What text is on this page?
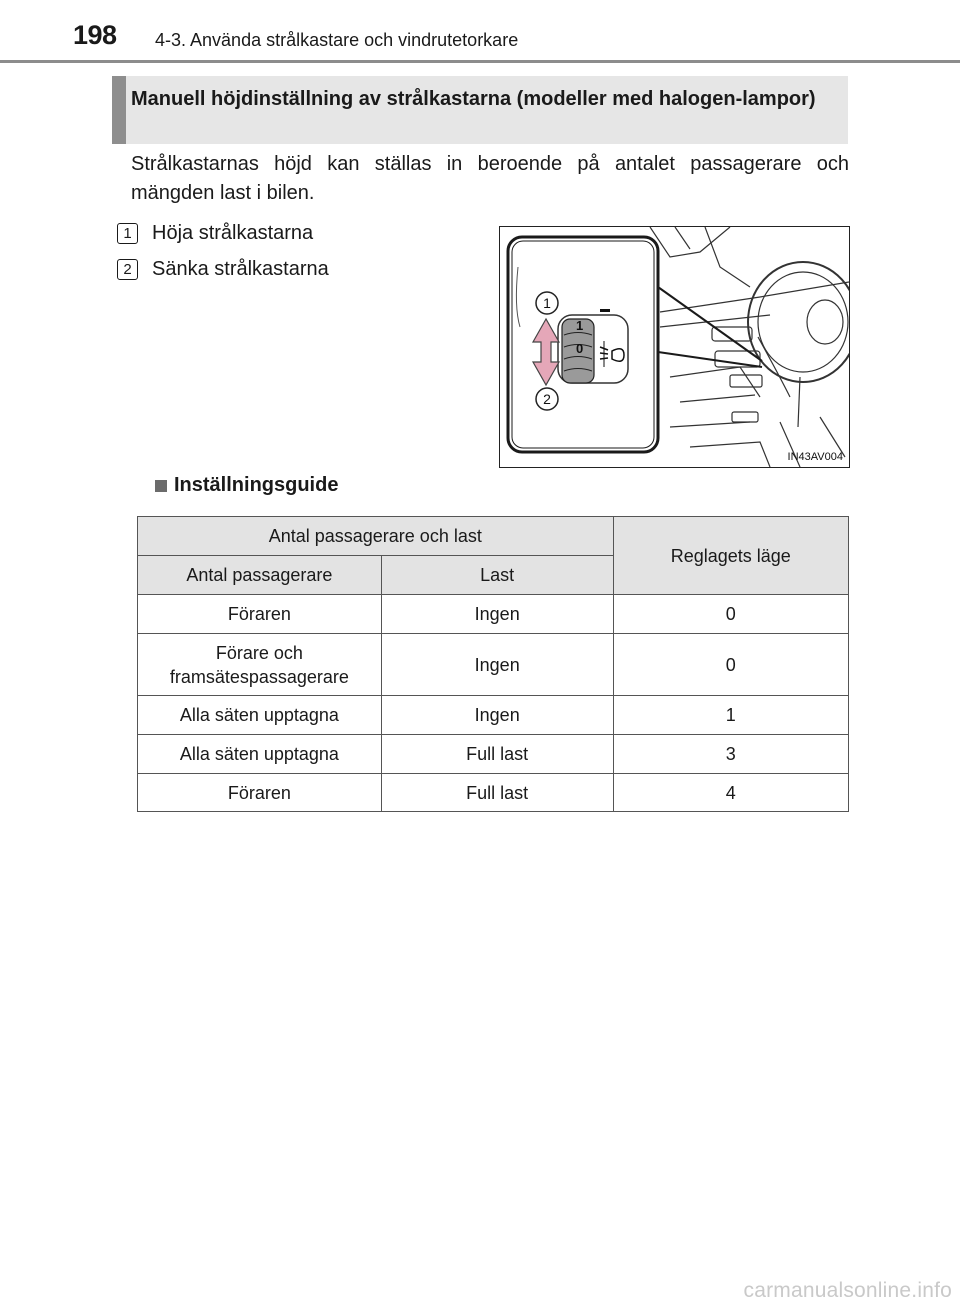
198 4-3. Använda strålkastare och vindrutetorkare
Manuell höjdinställning av strålkastarna (modeller med halogen-lampor)

Strålkastarnas höjd kan ställas in beroende på antalet passagerare och mängden last i bilen.

1	Höja strålkastarna
2	Sänka strålkastarna
1
0
1
2
IN43AV004
Inställningsguide
Antal passagerare och last		Reglagets läge
Antal passagerare	Last	
Föraren	Ingen	0
Förare och framsätespassagerare	Ingen	0
Alla säten upptagna	Ingen	1
Alla säten upptagna	Full last	3
Föraren	Full last	4
carmanualsonline.info
